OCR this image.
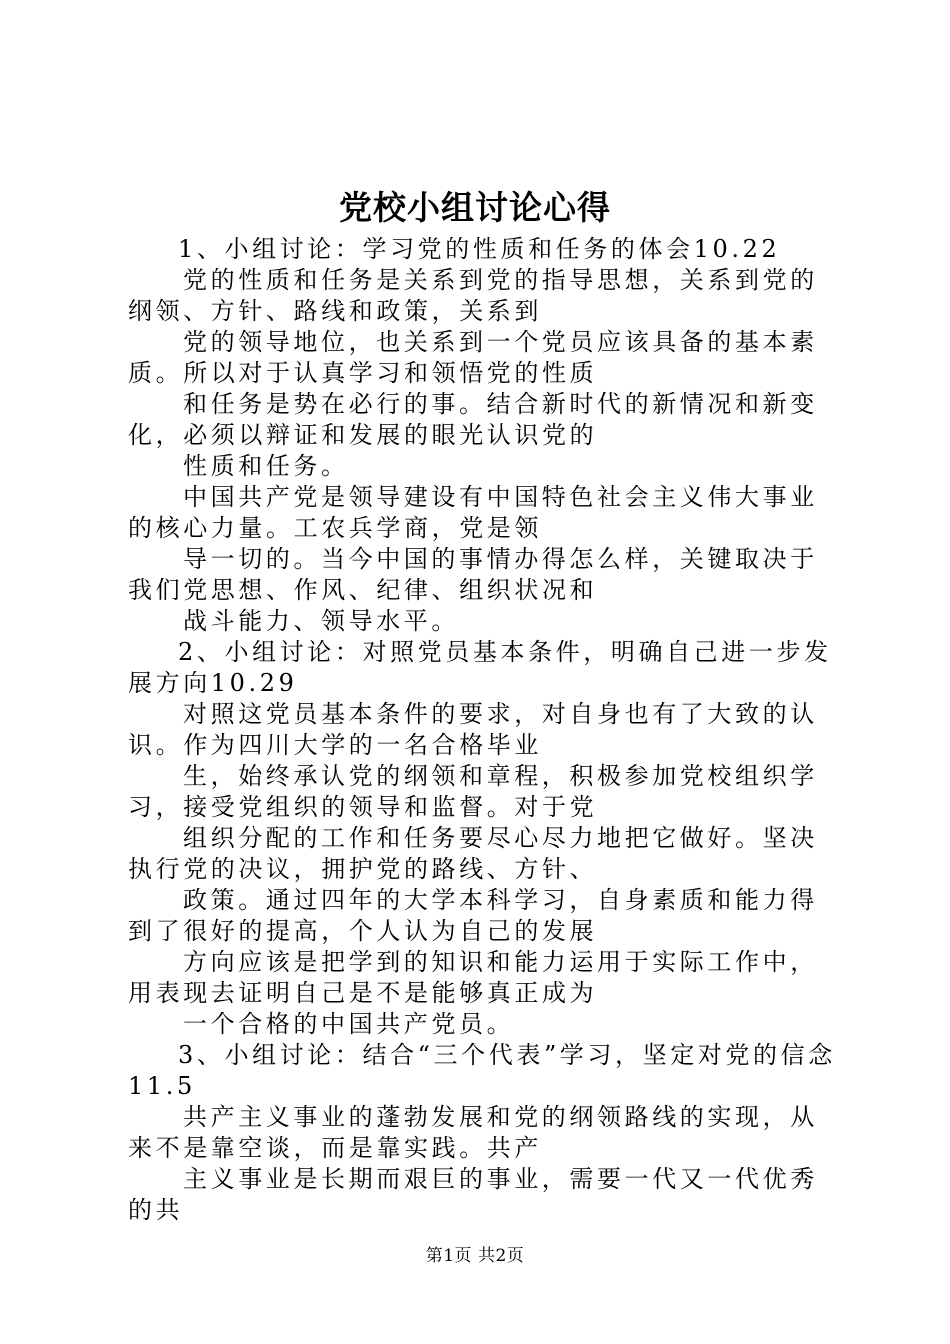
党校小组讨论心得

1、小组讨论：学习党的性质和任务的体会10.22

党的性质和任务是关系到党的指导思想，关系到党的纲领、方针、路线和政策，关系到

党的领导地位，也关系到一个党员应该具备的基本素质。所以对于认真学习和领悟党的性质

和任务是势在必行的事。结合新时代的新情况和新变化，必须以辩证和发展的眼光认识党的

性质和任务。

中国共产党是领导建设有中国特色社会主义伟大事业的核心力量。工农兵学商，党是领

导一切的。当今中国的事情办得怎么样，关键取决于我们党思想、作风、纪律、组织状况和

战斗能力、领导水平。

2、小组讨论：对照党员基本条件，明确自己进一步发展方向10.29

对照这党员基本条件的要求，对自身也有了大致的认识。作为四川大学的一名合格毕业

生，始终承认党的纲领和章程，积极参加党校组织学习，接受党组织的领导和监督。对于党

组织分配的工作和任务要尽心尽力地把它做好。坚决执行党的决议，拥护党的路线、方针、

政策。通过四年的大学本科学习，自身素质和能力得到了很好的提高，个人认为自己的发展

方向应该是把学到的知识和能力运用于实际工作中，用表现去证明自己是不是能够真正成为

一个合格的中国共产党员。

3、小组讨论：结合“三个代表”学习，坚定对党的信念11.5

共产主义事业的蓬勃发展和党的纲领路线的实现，从来不是靠空谈，而是靠实践。共产

主义事业是长期而艰巨的事业，需要一代又一代优秀的共

第1页 共2页
